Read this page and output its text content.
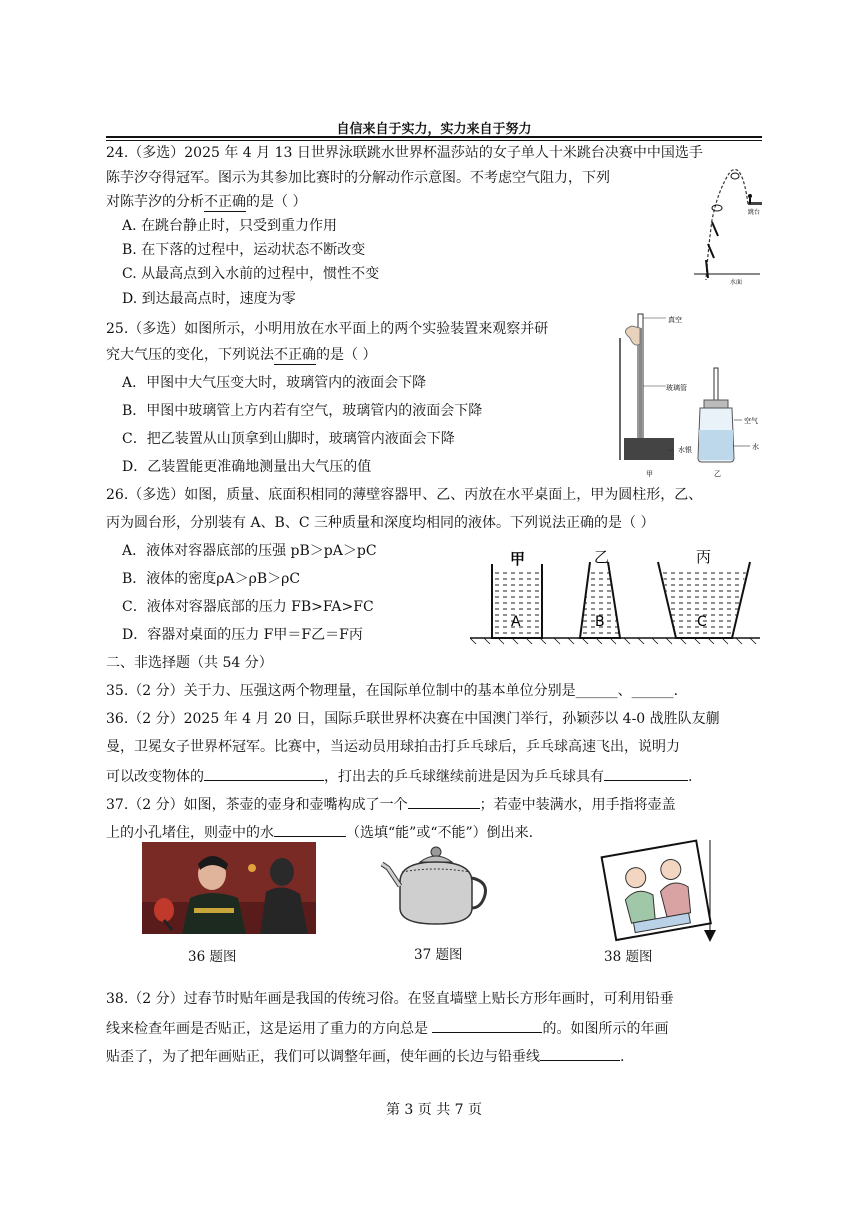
自信来自于实力，实力来自于努力
24.（多选）2025 年 4 月 13 日世界泳联跳水世界杯温莎站的女子单人十米跳台决赛中中国选手
陈芋汐夺得冠军。图示为其参加比赛时的分解动作示意图。不考虑空气阻力，下列
对陈芋汐的分析不正确的是（ ）
A. 在跳台静止时，只受到重力作用
B. 在下落的过程中，运动状态不断改变
C. 从最高点到入水前的过程中，惯性不变
D. 到达最高点时，速度为零
跳台
水面
25.（多选）如图所示，小明用放在水平面上的两个实验装置来观察并研
究大气压的变化，下列说法不正确的是（ ）
A．甲图中大气压变大时，玻璃管内的液面会下降
B．甲图中玻璃管上方内若有空气，玻璃管内的液面会下降
C．把乙装置从山顶拿到山脚时，玻璃管内液面会下降
D．乙装置能更准确地测量出大气压的值
真空
玻璃管
水银
空气
水
甲	乙
26.（多选）如图，质量、底面积相同的薄壁容器甲、乙、丙放在水平桌面上，甲为圆柱形，乙、
丙为圆台形，分别装有 A、B、C 三种质量和深度均相同的液体。下列说法正确的是（ ）
A．液体对容器底部的压强 pB＞pA＞pC
B．液体的密度ρA＞ρB＞ρC
C．液体对容器底部的压力 FB>FA>FC
D．容器对桌面的压力 F甲＝F乙＝F丙
甲
A
乙
B
丙
C
二、非选择题（共 54 分）
35.（2 分）关于力、压强这两个物理量，在国际单位制中的基本单位分别是______、______.
36.（2 分）2025 年 4 月 20 日，国际乒联世界杯决赛在中国澳门举行，孙颖莎以 4-0 战胜队友蒯
曼，卫冕女子世界杯冠军。比赛中，当运动员用球拍击打乒乓球后，乒乓球高速飞出，说明力
可以改变物体的	，打出去的乒乓球继续前进是因为乒乓球具有	.
37.（2 分）如图，茶壶的壶身和壶嘴构成了一个	；若壶中装满水，用手指将壶盖
上的小孔堵住，则壶中的水	（选填“能”或“不能”）倒出来.
36 题图	37 题图	38 题图
38.（2 分）过春节时贴年画是我国的传统习俗。在竖直墙壁上贴长方形年画时，可利用铅垂
线来检查年画是否贴正，这是运用了重力的方向总是	的。如图所示的年画
贴歪了，为了把年画贴正，我们可以调整年画，使年画的长边与铅垂线	.
第 3 页 共 7 页
